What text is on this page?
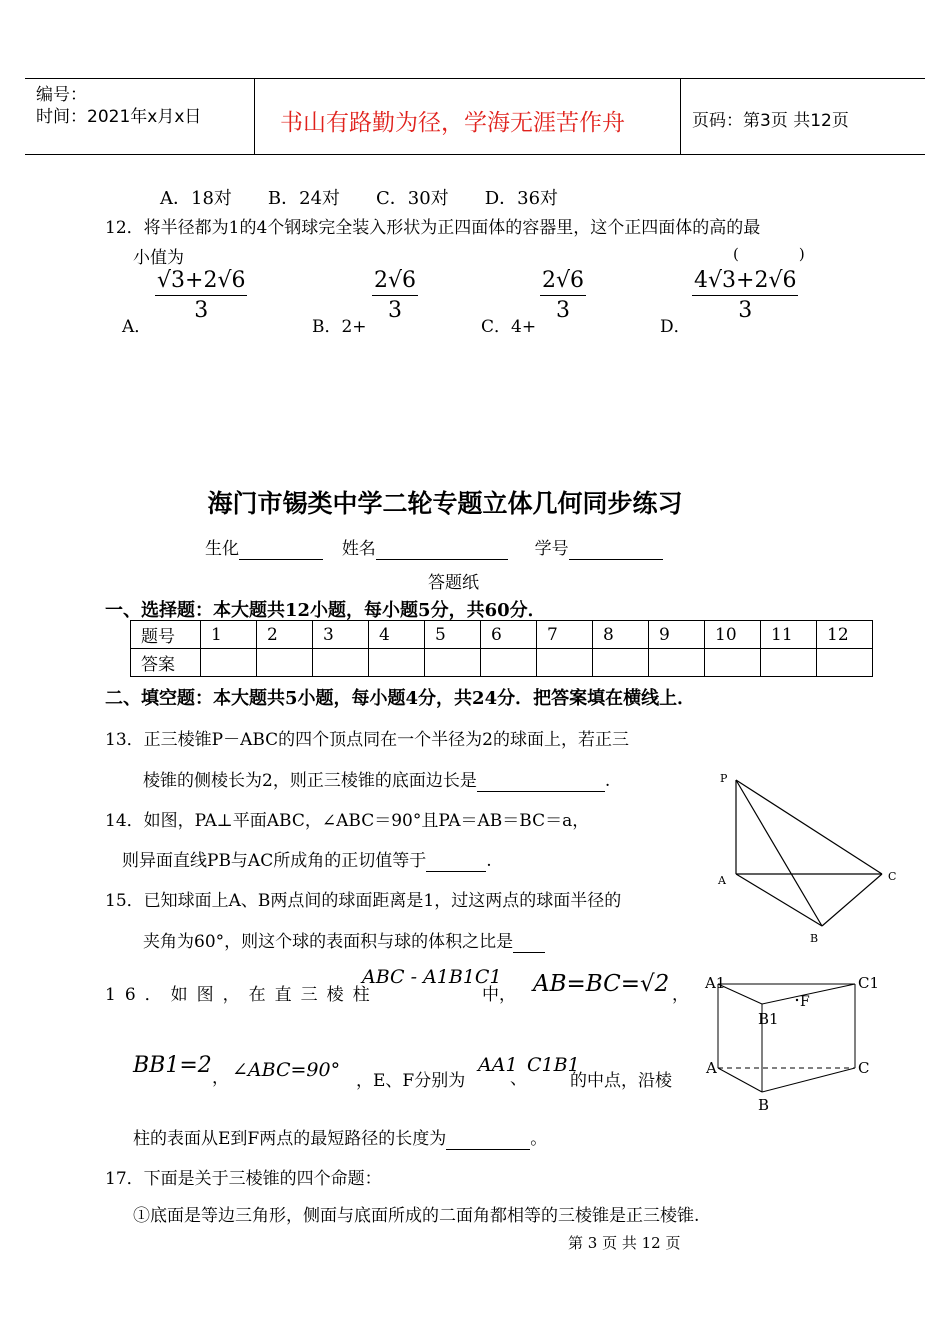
编号：
时间：2021年x月x日	书山有路勤为径，学海无涯苦作舟	页码：第3页 共12页
A．18对　　B．24对　　C．30对　　D．36对
12．将半径都为1的4个钢球完全装入形状为正四面体的容器里，这个正四面体的高的最
小值为	(　　　　)
A．
$\frac{√3+2√6}{3}$
B．2+
$\frac{2√6}{3}$
C．4+
$\frac{2√6}{3}$
D．
$\frac{4√3+2√6}{3}$
海门市锡类中学二轮专题立体几何同步练习
生化	姓名	学号
答题纸
一、选择题：本大题共12小题，每小题5分，共60分．
题号	1	2	3	4	5	6	7	8	9	10	11	12
答案												
二、填空题：本大题共5小题，每小题4分，共24分．把答案填在横线上．
13．正三棱锥P－ABC的四个顶点同在一个半径为2的球面上，若正三
棱锥的侧棱长为2，则正三棱锥的底面边长是	.
14．如图，PA⊥平面ABC，∠ABC＝90°且PA＝AB＝BC＝a，
则异面直线PB与AC所成角的正切值等于	.
P
A	C
B
15．已知球面上A、B两点间的球面距离是1，过这两点的球面半径的
夹角为60°，则这个球的表面积与球的体积之比是
16．如图，在直三棱柱
ABC - A1B1C1
中， AB=BC=√2 ，
BB1=2 ， ∠ABC=90° ，E、F分别为
AA1
、
C1B1
的中点，沿棱
柱的表面从E到F两点的最短路径的长度为	。
A1	C1
B1
F
A	C
B
17．下面是关于三棱锥的四个命题：
①底面是等边三角形，侧面与底面所成的二面角都相等的三棱锥是正三棱锥.
第 3 页 共 12 页
